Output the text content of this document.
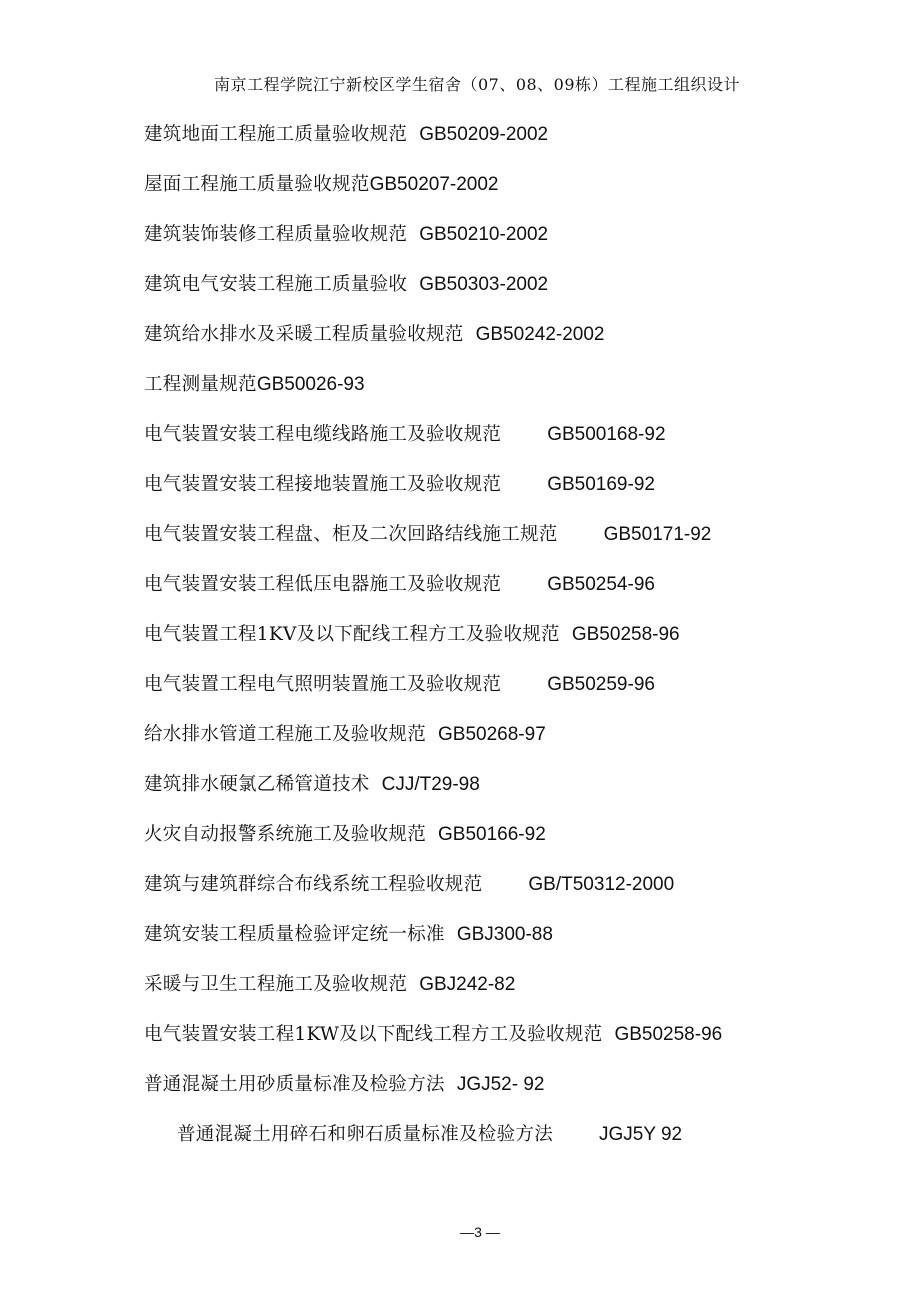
南京工程学院江宁新校区学生宿舍（07、08、09栋）工程施工组织设计
建筑地面工程施工质量验收规范 GB50209-2002
屋面工程施工质量验收规范GB50207-2002
建筑装饰装修工程质量验收规范 GB50210-2002
建筑电气安装工程施工质量验收 GB50303-2002
建筑给水排水及采暖工程质量验收规范 GB50242-2002
工程测量规范GB50026-93
电气装置安装工程电缆线路施工及验收规范 GB500168-92
电气装置安装工程接地装置施工及验收规范 GB50169-92
电气装置安装工程盘、柜及二次回路结线施工规范 GB50171-92
电气装置安装工程低压电器施工及验收规范 GB50254-96
电气装置工程1KV及以下配线工程方工及验收规范 GB50258-96
电气装置工程电气照明装置施工及验收规范 GB50259-96
给水排水管道工程施工及验收规范 GB50268-97
建筑排水硬氯乙稀管道技术 CJJ/T29-98
火灾自动报警系统施工及验收规范 GB50166-92
建筑与建筑群综合布线系统工程验收规范 GB/T50312-2000
建筑安装工程质量检验评定统一标准 GBJ300-88
采暖与卫生工程施工及验收规范 GBJ242-82
电气装置安装工程1KW及以下配线工程方工及验收规范 GB50258-96
普通混凝土用砂质量标准及检验方法 JGJ52- 92
普通混凝土用碎石和卵石质量标准及检验方法 JGJ5Y 92
—3 —
